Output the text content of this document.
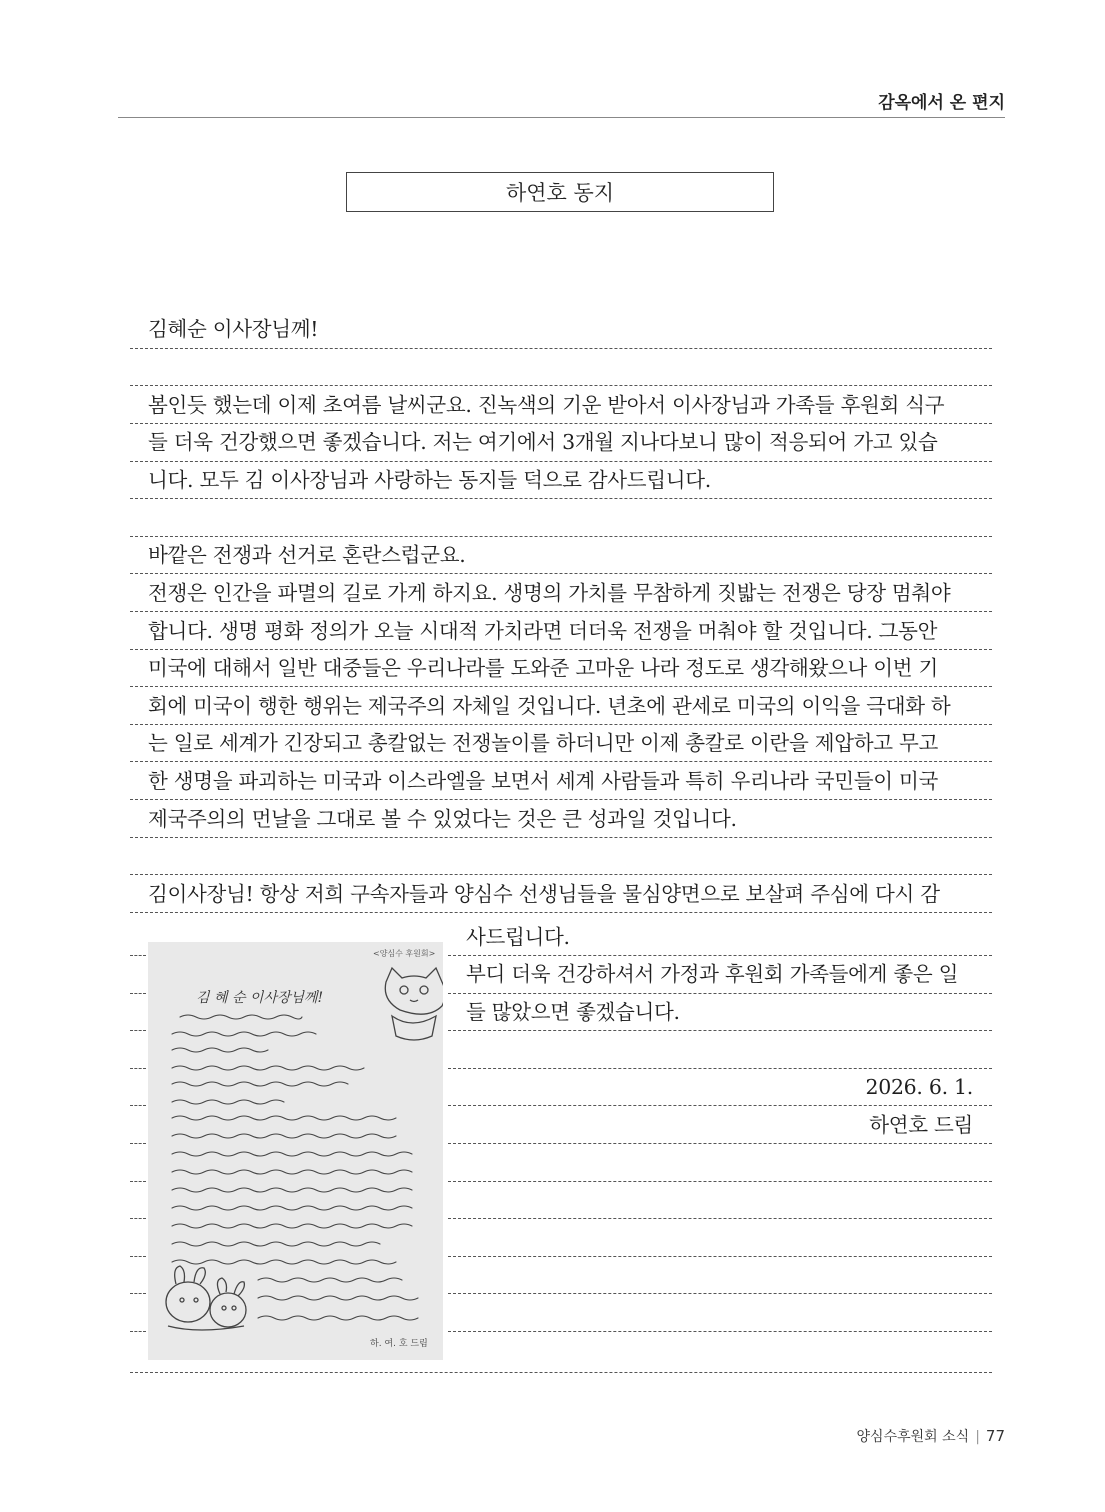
감옥에서 온 편지
하연호 동지
김혜순 이사장님께!
봄인듯 했는데 이제 초여름 날씨군요. 진녹색의 기운 받아서 이사장님과 가족들 후원회 식구
들 더욱 건강했으면 좋겠습니다. 저는 여기에서 3개월 지나다보니 많이 적응되어 가고 있습
니다. 모두 김 이사장님과 사랑하는 동지들 덕으로 감사드립니다.
바깥은 전쟁과 선거로 혼란스럽군요.
전쟁은 인간을 파멸의 길로 가게 하지요. 생명의 가치를 무참하게 짓밟는 전쟁은 당장 멈춰야
합니다. 생명 평화 정의가 오늘 시대적 가치라면 더더욱 전쟁을 머춰야 할 것입니다. 그동안
미국에 대해서 일반 대중들은 우리나라를 도와준 고마운 나라 정도로 생각해왔으나 이번 기
회에 미국이 행한 행위는 제국주의 자체일 것입니다. 년초에 관세로 미국의 이익을 극대화 하
는 일로 세계가 긴장되고 총칼없는 전쟁놀이를 하더니만 이제 총칼로 이란을 제압하고 무고
한 생명을 파괴하는 미국과 이스라엘을 보면서 세계 사람들과 특히 우리나라 국민들이 미국
제국주의의 먼날을 그대로 볼 수 있었다는 것은 큰 성과일 것입니다.
김이사장님! 항상 저희 구속자들과 양심수 선생님들을 물심양면으로 보살펴 주심에 다시 감
사드립니다.
부디 더욱 건강하셔서 가정과 후원회 가족들에게 좋은 일
들 많았으면 좋겠습니다.
2026. 6. 1.
하연호 드림
<양심수 후원회>
김 혜 순 이사장님께!
하. 여. 호 드림
양심수후원회 소식 | 77
